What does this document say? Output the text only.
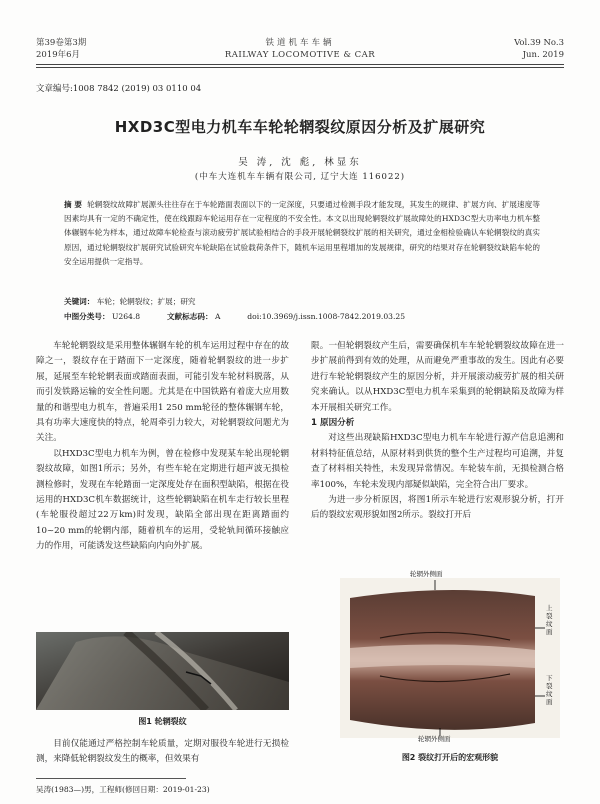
第39卷第3期
2019年6月
铁道机车车辆
RAILWAY LOCOMOTIVE & CAR
Vol.39 No.3
Jun. 2019
文章编号:1008 7842 (2019) 03 0110 04
HXD3C型电力机车车轮轮辋裂纹原因分析及扩展研究
吴 涛, 沈 彪, 林显东
(中车大连机车车辆有限公司, 辽宁大连 116022)
摘 要 轮辋裂纹故障扩展源头往往存在于车轮踏面表面以下的一定深度，只要通过检测手段才能发现，其发生的规律、扩展方向、扩展速度等因素均具有一定的不确定性，使在线跟踪车轮运用存在一定程度的不安全性。本文以出现轮辋裂纹扩展故障处的HXD3C型大功率电力机车整体辗钢车轮为样本，通过故障车轮检查与滚动疲劳扩展试验相结合的手段开展轮辋裂纹扩展的相关研究，通过金相检验确认车轮辋裂纹的真实原因，通过轮辋裂纹扩展研究试验研究车轮缺陷在试验载荷条件下，随机车运用里程增加的发展规律，研究的结果对存在轮辋裂纹缺陷车轮的安全运用提供一定指导。
关键词： 车轮；轮辋裂纹；扩展；研究
中图分类号： U264.8	文献标志码： A	doi:10.3969/j.issn.1008-7842.2019.03.25

车轮轮辋裂纹是采用整体辗钢车轮的机车运用过程中存在的故障之一，裂纹存在于踏面下一定深度，随着轮辋裂纹的进一步扩展，延展至车轮轮辋表面或踏面表面，可能引发车轮材料脱落，从而引发铁路运输的安全性问题。尤其是在中国铁路有着庞大应用数量的和谐型电力机车，普遍采用1 250 mm轮径的整体辗钢车轮，具有功率大速度快的特点，轮周牵引力较大，对轮辋裂纹问题尤为关注。

以HXD3C型电力机车为例，曾在检修中发现某车轮出现轮辋裂纹故障，如图1所示；另外，有些车轮在定期进行超声波无损检测检修时，发现在车轮踏面一定深度处存在面积型缺陷，根据在役运用的HXD3C机车数据统计，这些轮辋缺陷在机车走行较长里程(车轮服役超过22万km)时发现，缺陷全部出现在距离踏面约10~20 mm的轮辋内部，随着机车的运用，受轮轨间循环接触应力的作用，可能诱发这些缺陷向内向外扩展。

图1 轮辋裂纹

目前仅能通过严格控制车轮质量，定期对服役车轮进行无损检测，来降低轮辋裂纹发生的概率，但效果有

限。一但轮辋裂纹产生后，需要确保机车车轮轮辋裂纹故障在进一步扩展前得到有效的处理，从而避免严重事故的发生。因此有必要进行车轮轮辋裂纹产生的原因分析，并开展滚动疲劳扩展的相关研究来确认。以从HXD3C型电力机车采集到的轮辋缺陷及故障为样本开展相关研究工作。

1 原因分析

对这些出现缺陷HXD3C型电力机车车轮进行源产信息追溯和材料特征值总结，从原材料到供货的整个生产过程均可追溯，并复查了材料相关特性，未发现异常情况。车轮装车前，无损检测合格率100%，车轮未发现内部疑似缺陷，完全符合出厂要求。

为进一步分析原因，将图1所示车轮进行宏观形貌分析，打开后的裂纹宏观形貌如图2所示。裂纹打开后

轮辋外侧面
轮辋外侧面
上裂纹面
下裂纹面
图2 裂纹打开后的宏观形貌
吴涛(1983—)男，工程师(修回日期：2019-01-23)
